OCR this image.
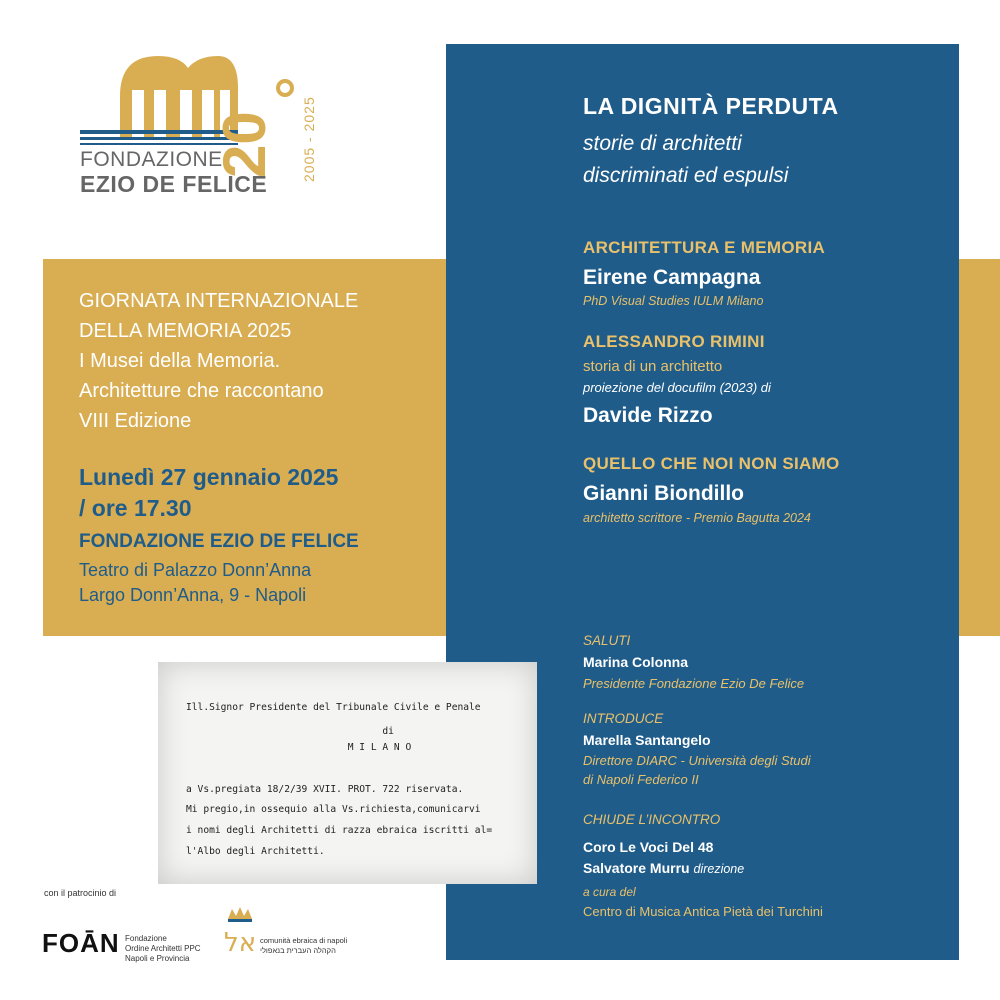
20
FONDAZIONE
EZIO DE FELICE
2005 - 2025
GIORNATA INTERNAZIONALE
DELLA MEMORIA 2025
I Musei della Memoria.
Architetture che raccontano
VIII Edizione
Lunedì 27 gennaio 2025
/ ore 17.30
FONDAZIONE EZIO DE FELICE
Teatro di Palazzo Donn’Anna
Largo Donn’Anna, 9 - Napoli
Ill.Signor Presidente del Tribunale Civile e Penale
di
M I L A N O
a Vs.pregiata 18/2/39 XVII. PROT. 722 riservata.
Mi pregio,in ossequio alla Vs.richiesta,comunicarvi
i nomi degli Architetti di razza ebraica iscritti al=
l'Albo degli Architetti.
LA DIGNITÀ PERDUTA
storie di architetti
discriminati ed espulsi
ARCHITETTURA E MEMORIA
Eirene Campagna
PhD Visual Studies IULM Milano
ALESSANDRO RIMINI
storia di un architetto
proiezione del docufilm (2023) di
Davide Rizzo
QUELLO CHE NOI NON SIAMO
Gianni Biondillo
architetto scrittore - Premio Bagutta 2024
SALUTI
Marina Colonna
Presidente Fondazione Ezio De Felice
INTRODUCE
Marella Santangelo
Direttore DIARC - Università degli Studi
di Napoli Federico II
CHIUDE L’INCONTRO
Coro Le Voci Del 48
Salvatore Murru direzione
a cura del
Centro di Musica Antica Pietà dei Turchini
con il patrocinio di
FOĀN Fondazione
Ordine Architetti PPC
Napoli e Provincia
אל comunità ebraica di napoli
הקהלה העברית בנאפולי
